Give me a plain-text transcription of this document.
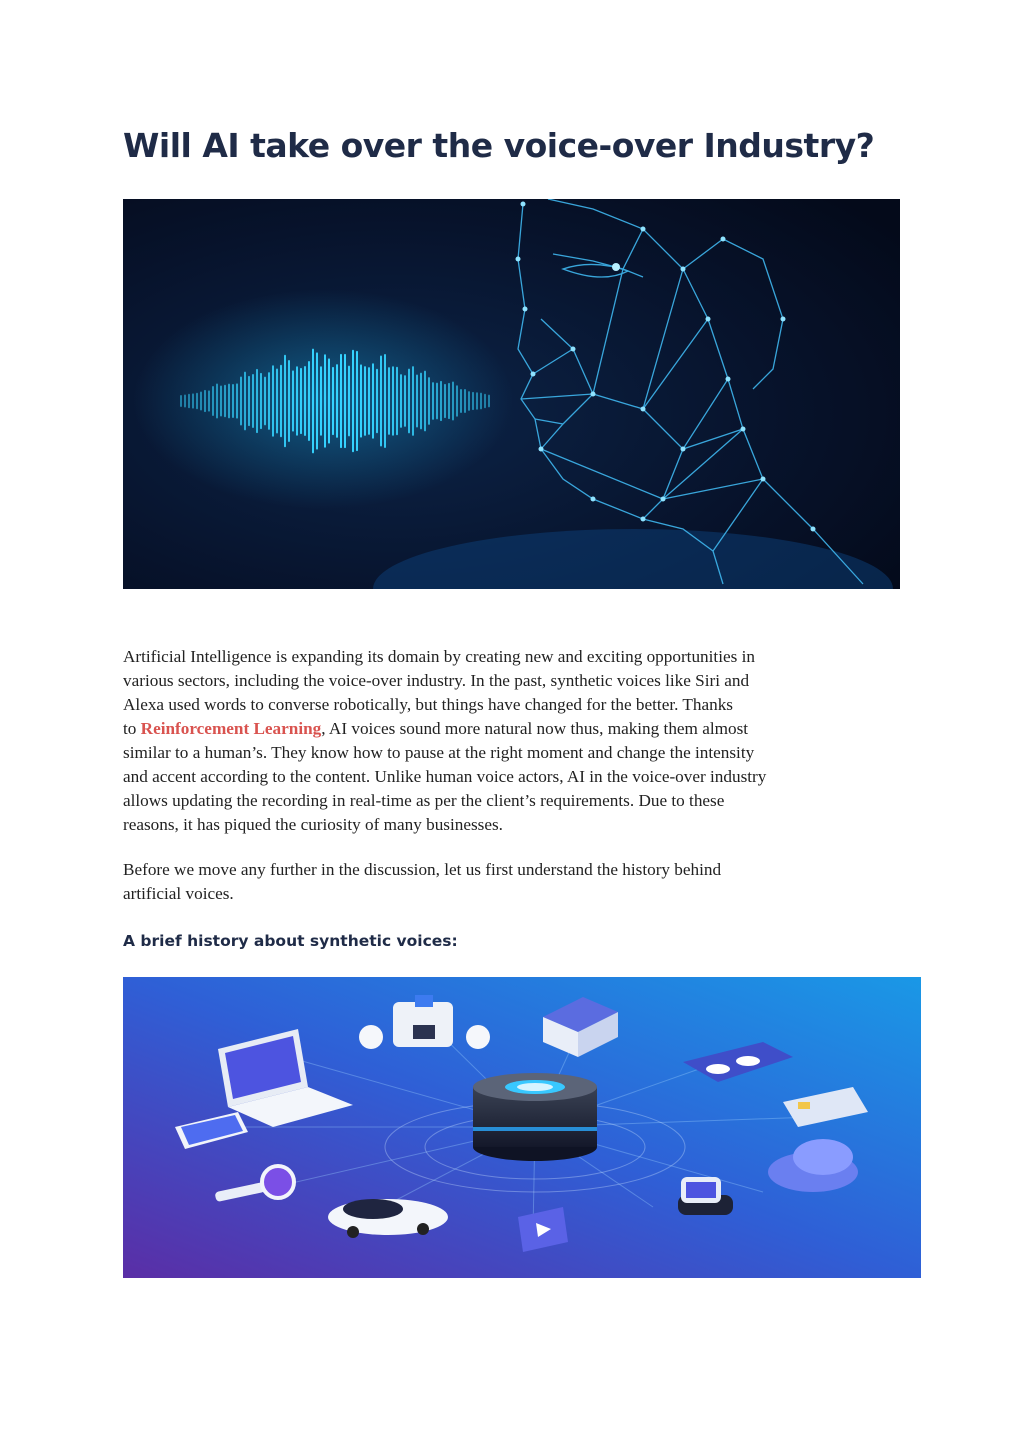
Will AI take over the voice-over Industry?

Artificial Intelligence is expanding its domain by creating new and exciting opportunities in
various sectors, including the voice-over industry. In the past, synthetic voices like Siri and
Alexa used words to converse robotically, but things have changed for the better. Thanks
to Reinforcement Learning, AI voices sound more natural now thus, making them almost
similar to a human’s. They know how to pause at the right moment and change the intensity
and accent according to the content. Unlike human voice actors, AI in the voice-over industry
allows updating the recording in real-time as per the client’s requirements. Due to these
reasons, it has piqued the curiosity of many businesses.

Before we move any further in the discussion, let us first understand the history behind
artificial voices.

A brief history about synthetic voices:
